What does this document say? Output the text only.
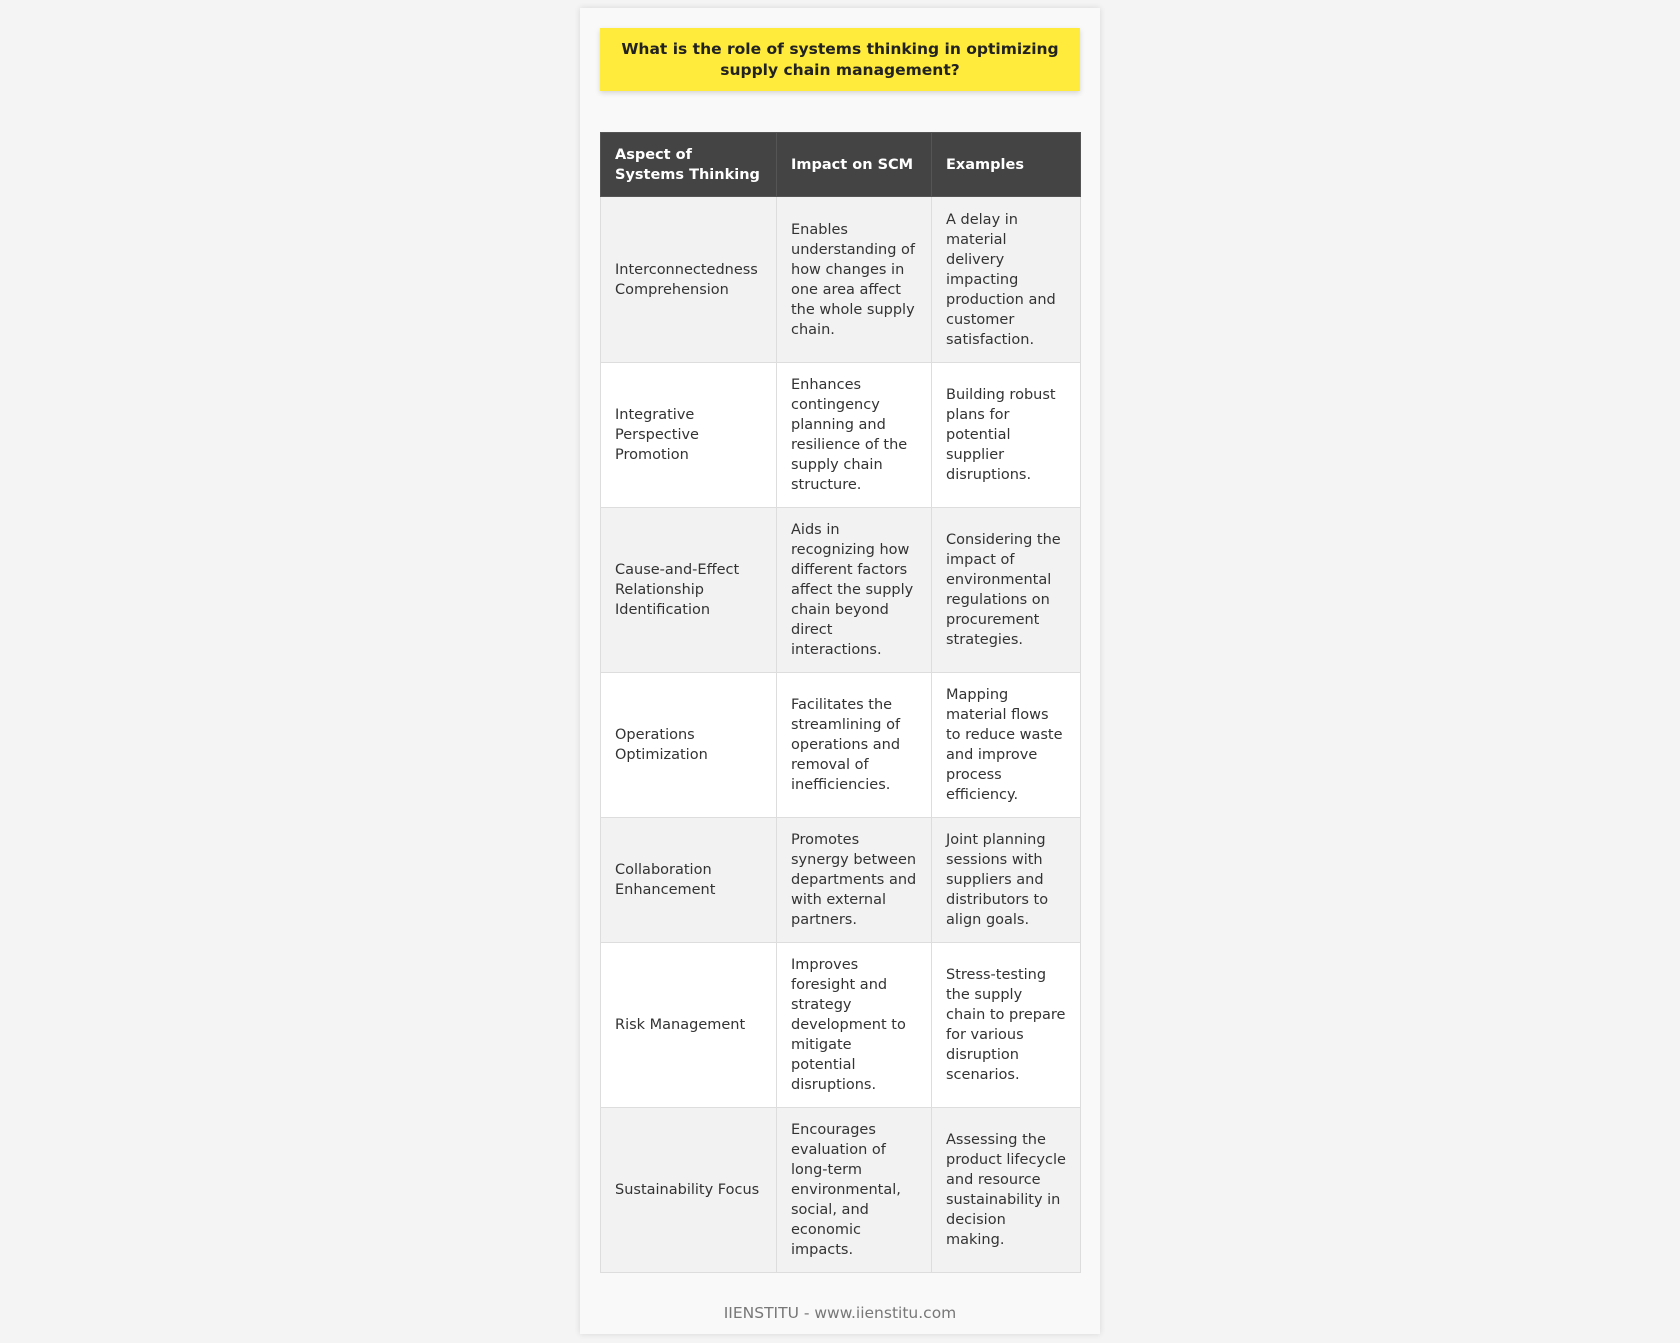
What is the role of systems thinking in optimizing supply chain management?
Aspect of Systems Thinking	Impact on SCM	Examples
Interconnectedness Comprehension	Enables understanding of how changes in one area affect the whole supply chain.	A delay in material delivery impacting production and customer satisfaction.
Integrative Perspective Promotion	Enhances contingency planning and resilience of the supply chain structure.	Building robust plans for potential supplier disruptions.
Cause-and-Effect Relationship Identification	Aids in recognizing how different factors affect the supply chain beyond direct interactions.	Considering the impact of environmental regulations on procurement strategies.
Operations Optimization	Facilitates the streamlining of operations and removal of inefficiencies.	Mapping material flows to reduce waste and improve process efficiency.
Collaboration Enhancement	Promotes synergy between departments and with external partners.	Joint planning sessions with suppliers and distributors to align goals.
Risk Management	Improves foresight and strategy development to mitigate potential disruptions.	Stress-testing the supply chain to prepare for various disruption scenarios.
Sustainability Focus	Encourages evaluation of long-term environmental, social, and economic impacts.	Assessing the product lifecycle and resource sustainability in decision making.
IIENSTITU - www.iienstitu.com
